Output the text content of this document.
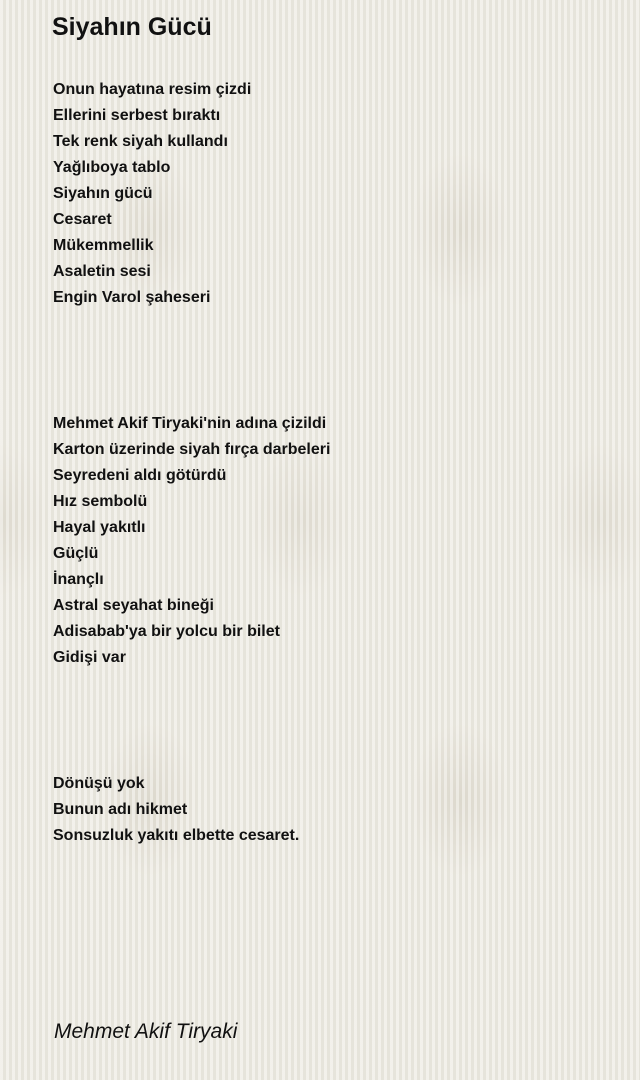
Siyahın Gücü
Onun hayatına resim çizdi
Ellerini serbest bıraktı
Tek renk siyah kullandı
Yağlıboya tablo
Siyahın gücü
Cesaret
Mükemmellik
Asaletin sesi
Engin Varol şaheseri
Mehmet Akif Tiryaki'nin adına çizildi
Karton üzerinde siyah fırça darbeleri
Seyredeni aldı götürdü
Hız sembolü
Hayal yakıtlı
Güçlü
İnançlı
Astral seyahat bineği
Adisabab'ya bir yolcu bir bilet
Gidişi var
Dönüşü yok
Bunun adı hikmet
Sonsuzluk yakıtı elbette cesaret.
Mehmet Akif Tiryaki
